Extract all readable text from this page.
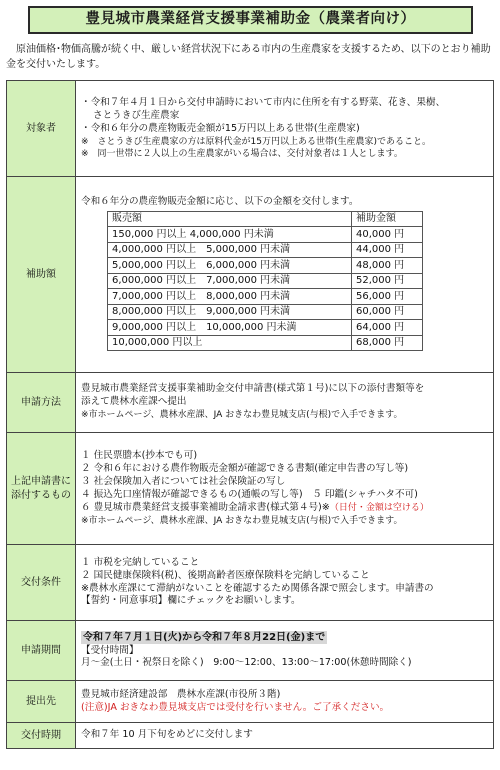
豊見城市農業経営支援事業補助金（農業者向け）
原油価格･物価高騰が続く中、厳しい経営状況下にある市内の生産農家を支援するため、以下のとおり補助金を交付いたします。
対象者	
・令和７年４月１日から交付申請時において市内に住所を有する野菜、花き、果樹、
さとうきび生産農家
・令和６年分の農産物販売金額が15万円以上ある世帯(生産農家)
※　さとうきび生産農家の方は原料代金が15万円以上ある世帯(生産農家)であること。
※　同一世帯に２人以上の生産農家がいる場合は、交付対象者は１人とします。

補助額	
令和６年分の農産物販売金額に応じ、以下の金額を交付します。
販売額	補助金額
150,000 円以上 4,000,000 円未満	40,000 円
4,000,000 円以上　5,000,000 円未満	44,000 円
5,000,000 円以上　6,000,000 円未満	48,000 円
6,000,000 円以上　7,000,000 円未満	52,000 円
7,000,000 円以上　8,000,000 円未満	56,000 円
8,000,000 円以上　9,000,000 円未満	60,000 円
9,000,000 円以上　10,000,000 円未満	64,000 円
10,000,000 円以上	68,000 円

申請方法	
豊見城市農業経営支援事業補助金交付申請書(様式第１号)に以下の添付書類等を
添えて農林水産課へ提出
※市ホームページ、農林水産課、JA おきなわ豊見城支店(与根)で入手できます。

上記申請書に添付するもの	
１ 住民票謄本(抄本でも可)
２ 令和６年における農作物販売金額が確認できる書類(確定申告書の写し等)
３ 社会保険加入者については社会保険証の写し
４ 振込先口座情報が確認できるもの(通帳の写し等)　５ 印鑑(シャチハタ不可)
６ 豊見城市農業経営支援事業補助金請求書(様式第４号)※（日付・金額は空ける）
※市ホームページ、農林水産課、JA おきなわ豊見城支店(与根)で入手できます。

交付条件	
１ 市税を完納していること
２ 国民健康保険料(税)、後期高齢者医療保険料を完納していること
※農林水産課にて滞納がないことを確認するため関係各課で照会します。申請書の
【誓約・同意事項】欄にチェックをお願いします。

申請期間	
令和７年７月１日(火)から令和７年８月22日(金)まで
【受付時間】
月～金(土日・祝祭日を除く)　9:00～12:00、13:00～17:00(休憩時間除く)

提出先	
豊見城市経済建設部　農林水産課(市役所３階)
(注意)JA おきなわ豊見城支店では受付を行いません。ご了承ください。

交付時期	令和７年 10 月下旬をめどに交付します
